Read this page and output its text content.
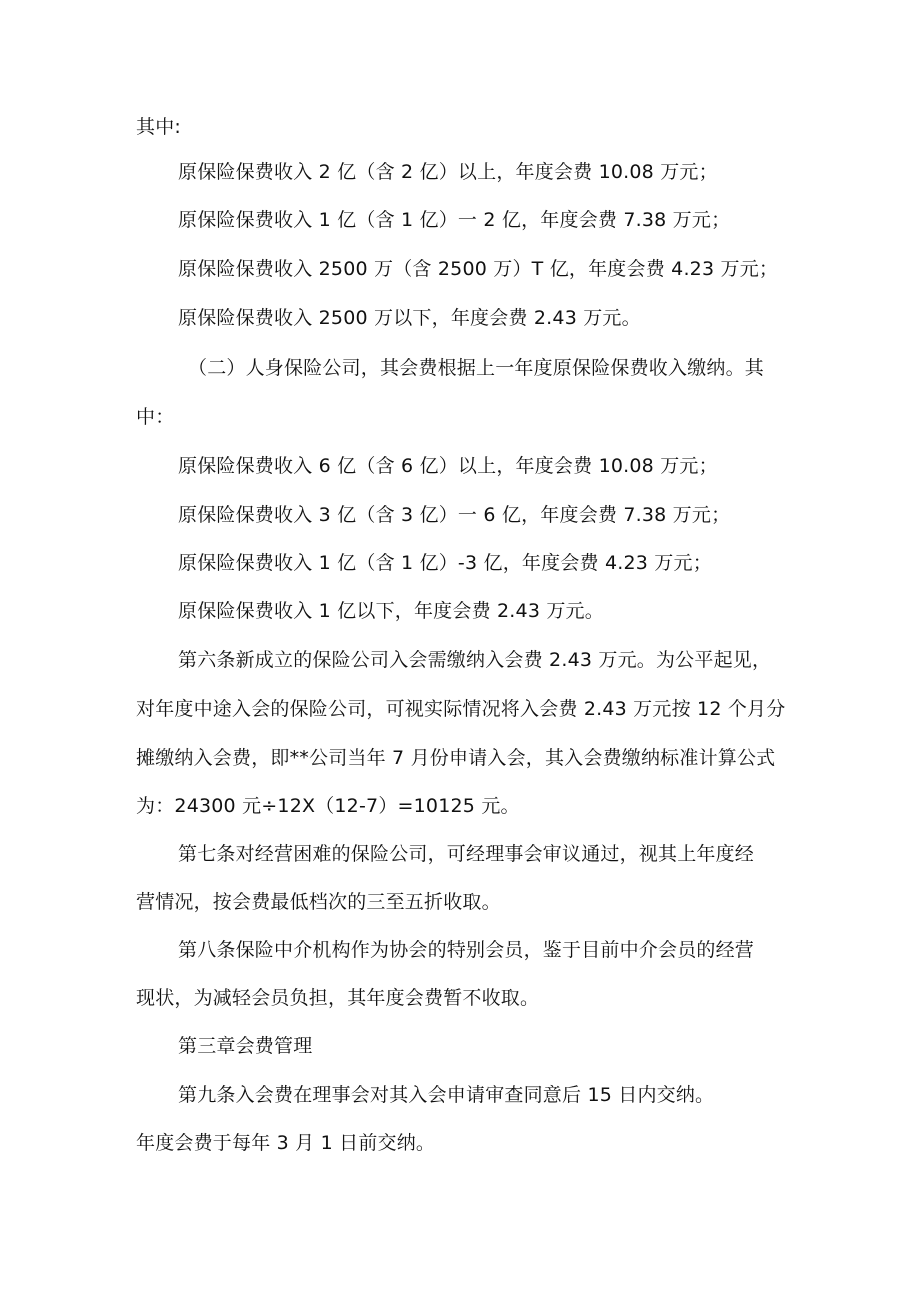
其中:
原保险保费收入 2 亿（含 2 亿）以上，年度会费 10.08 万元；
原保险保费收入 1 亿（含 1 亿）一 2 亿，年度会费 7.38 万元；
原保险保费收入 2500 万（含 2500 万）T 亿，年度会费 4.23 万元；
原保险保费收入 2500 万以下，年度会费 2.43 万元。
（二）人身保险公司，其会费根据上一年度原保险保费收入缴纳。其
中：
原保险保费收入 6 亿（含 6 亿）以上，年度会费 10.08 万元；
原保险保费收入 3 亿（含 3 亿）一 6 亿，年度会费 7.38 万元；
原保险保费收入 1 亿（含 1 亿）-3 亿，年度会费 4.23 万元；
原保险保费收入 1 亿以下，年度会费 2.43 万元。
第六条新成立的保险公司入会需缴纳入会费 2.43 万元。为公平起见，
对年度中途入会的保险公司，可视实际情况将入会费 2.43 万元按 12 个月分
摊缴纳入会费，即**公司当年 7 月份申请入会，其入会费缴纳标准计算公式
为：24300 元÷12X（12-7）=10125 元。
第七条对经营困难的保险公司，可经理事会审议通过，视其上年度经
营情况，按会费最低档次的三至五折收取。
第八条保险中介机构作为协会的特别会员，鉴于目前中介会员的经营
现状，为减轻会员负担，其年度会费暂不收取。
第三章会费管理
第九条入会费在理事会对其入会申请审查同意后 15 日内交纳。
年度会费于每年 3 月 1 日前交纳。
